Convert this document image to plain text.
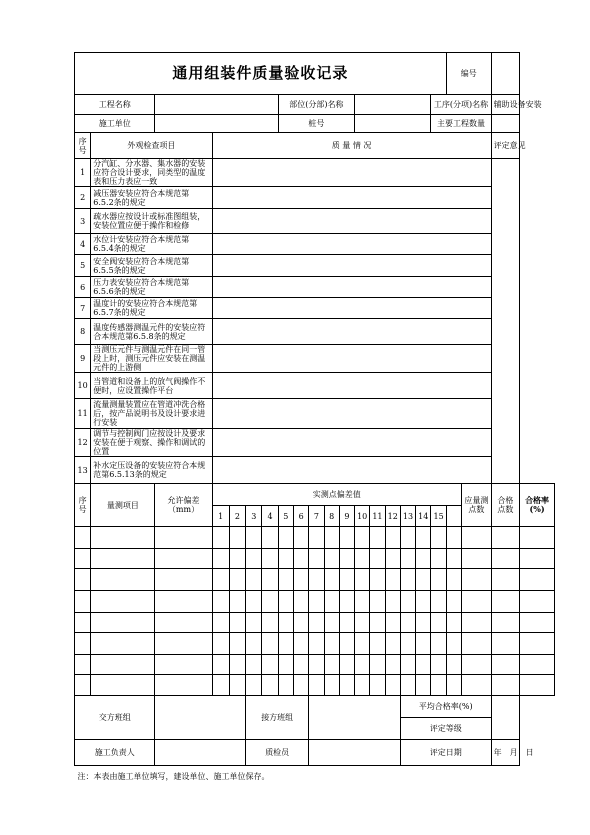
通用组装件质量验收记录																		编号			
工程名称							部位(分部)名称										工序(分项)名称			辅助设备安装	
施工单位							桩号										主要工程数量				
序号	外观检查项目		质 量 情 况																	评定意见	
1	分汽缸、分水器、集水器的安装应符合设计要求，同类型的温度表和压力表应一致																				
2	减压器安装应符合本规范第6.5.2条的规定																				
3	疏水器应按设计或标准图组装，安装位置应便于操作和检修																				
4	水位计安装应符合本规范第6.5.4条的规定																				
5	安全阀安装应符合本规范第6.5.5条的规定																				
6	压力表安装应符合本规范第6.5.6条的规定																				
7	温度计的安装应符合本规范第6.5.7条的规定																				
8	温度传感器测温元件的安装应符合本规范第6.5.8条的规定																				
9	当测压元件与测温元件在同一管段上时，测压元件应安装在测温元件的上游侧																				
10	当管道和设备上的放气阀操作不便时，应设置操作平台																				
11	流量测量装置应在管道冲洗合格后，按产品说明书及设计要求进行安装																				
12	调节与控制阀门应按设计及要求安装在便于观察、操作和调试的位置																				
13	补水定压设备的安装应符合本规范第6.5.13条的规定																				
序号	量测项目	允许偏差（mm）	实测点偏差值																应量测点数	合格点数	合格率(%)
			1	2	3	4	5	6	7	8	9	10	11	12	13	14	15				

交方班组					接方班组										平均合格率(%)						
															评定等级						
施工负责人					质检员										评定日期					年　月　日	
注：本表由施工单位填写，建设单位、施工单位保存。																					
